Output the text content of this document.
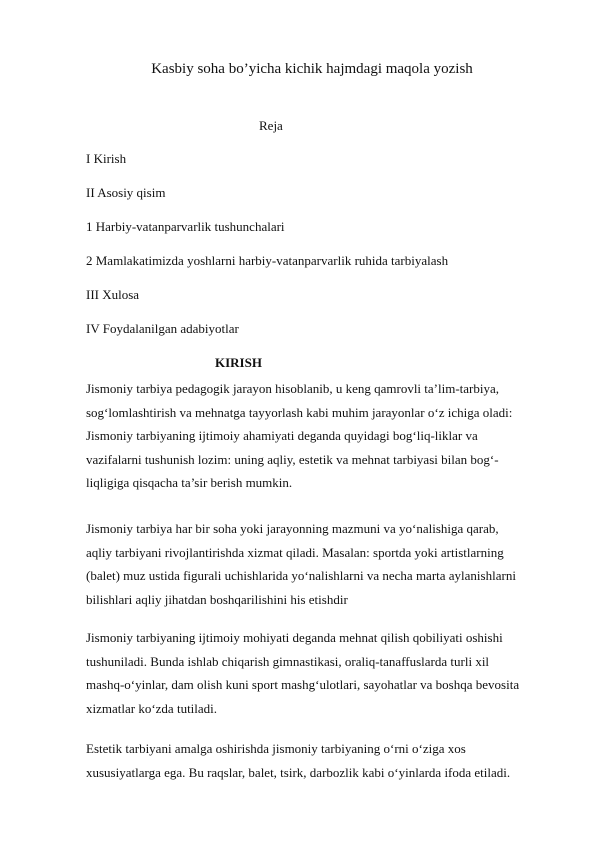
Kasbiy soha bo’yicha kichik hajmdagi maqola yozish
Reja
I Kirish
II Asosiy qisim
1 Harbiy-vatanparvarlik tushunchalari
2 Mamlakatimizda yoshlarni harbiy-vatanparvarlik ruhida tarbiyalash
III Xulosa
IV Foydalanilgan adabiyotlar
KIRISH
Jismoniy tarbiya pedagogik jarayon hisoblanib, u keng qamrovli ta’lim-tarbiya,
sog‘lomlashtirish va mehnatga tayyorlash kabi muhim jarayonlar o‘z ichiga oladi:
Jismoniy tarbiyaning ijtimoiy ahamiyati deganda quyidagi bog‘liq-liklar va
vazifalarni tushunish lozim: uning aqliy, estetik va mehnat tarbiyasi bilan bog‘-
liqligiga qisqacha ta’sir berish mumkin.
Jismoniy tarbiya har bir soha yoki jarayonning mazmuni va yo‘nalishiga qarab,
aqliy tarbiyani rivojlantirishda xizmat qiladi. Masalan: sportda yoki artistlarning
(balet) muz ustida figurali uchishlarida yo‘nalishlarni va necha marta aylanishlarni
bilishlari aqliy jihatdan boshqarilishini his etishdir
Jismoniy tarbiyaning ijtimoiy mohiyati deganda mehnat qilish qobiliyati oshishi
tushuniladi. Bunda ishlab chiqarish gimnastikasi, oraliq-tanaffuslarda turli xil
mashq-o‘yinlar, dam olish kuni sport mashg‘ulotlari, sayohatlar va boshqa bevosita
xizmatlar ko‘zda tutiladi.
Estetik tarbiyani amalga oshirishda jismoniy tarbiyaning o‘rni o‘ziga xos
xususiyatlarga ega. Bu raqslar, balet, tsirk, darbozlik kabi o‘yinlarda ifoda etiladi.
